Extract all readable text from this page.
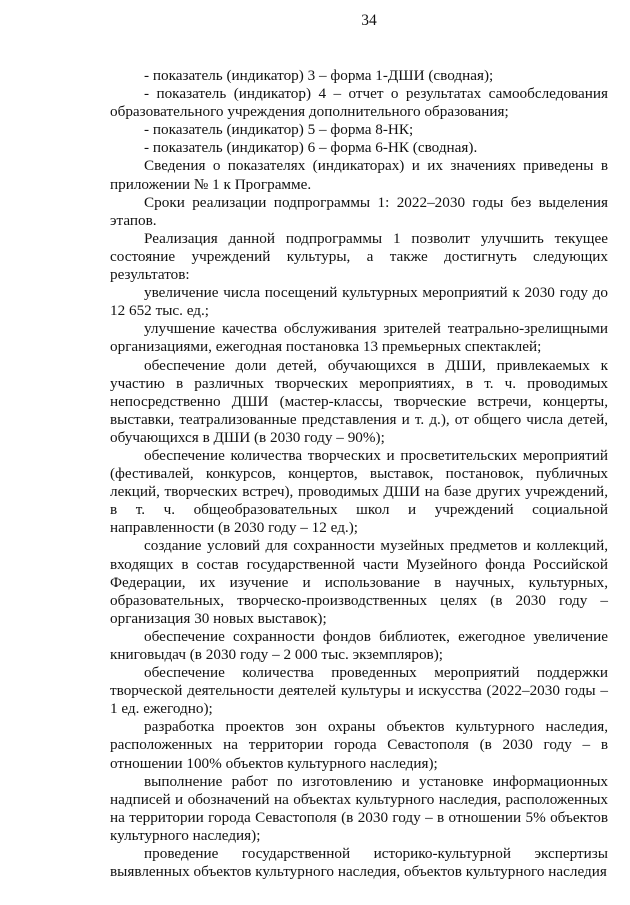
34

- показатель (индикатор) 3 – форма 1-ДШИ (сводная);

- показатель (индикатор) 4 – отчет о результатах самообследования образовательного учреждения дополнительного образования;

- показатель (индикатор) 5 – форма 8-НК;

- показатель (индикатор) 6 – форма 6-НК (сводная).

Сведения о показателях (индикаторах) и их значениях приведены в приложении № 1 к Программе.

Сроки реализации подпрограммы 1: 2022–2030 годы без выделения этапов.

Реализация данной подпрограммы 1 позволит улучшить текущее состояние учреждений культуры, а также достигнуть следующих результатов:

увеличение числа посещений культурных мероприятий к 2030 году до 12 652 тыс. ед.;

улучшение качества обслуживания зрителей театрально-зрелищными организациями, ежегодная постановка 13 премьерных спектаклей;

обеспечение доли детей, обучающихся в ДШИ, привлекаемых к участию в различных творческих мероприятиях, в т. ч. проводимых непосредственно ДШИ (мастер-классы, творческие встречи, концерты, выставки, театрализованные представления и т. д.), от общего числа детей, обучающихся в ДШИ (в 2030 году – 90%);

обеспечение количества творческих и просветительских мероприятий (фестивалей, конкурсов, концертов, выставок, постановок, публичных лекций, творческих встреч), проводимых ДШИ на базе других учреждений, в т. ч. общеобразовательных школ и учреждений социальной направленности (в 2030 году – 12 ед.);

создание условий для сохранности музейных предметов и коллекций, входящих в состав государственной части Музейного фонда Российской Федерации, их изучение и использование в научных, культурных, образовательных, творческо-производственных целях (в 2030 году – организация 30 новых выставок);

обеспечение сохранности фондов библиотек, ежегодное увеличение книговыдач (в 2030 году – 2 000 тыс. экземпляров);

обеспечение количества проведенных мероприятий поддержки творческой деятельности деятелей культуры и искусства (2022–2030 годы – 1 ед. ежегодно);

разработка проектов зон охраны объектов культурного наследия, расположенных на территории города Севастополя (в 2030 году – в отношении 100% объектов культурного наследия);

выполнение работ по изготовлению и установке информационных надписей и обозначений на объектах культурного наследия, расположенных на территории города Севастополя (в 2030 году – в отношении 5% объектов культурного наследия);

проведение государственной историко-культурной экспертизы выявленных объектов культурного наследия, объектов культурного наследия
